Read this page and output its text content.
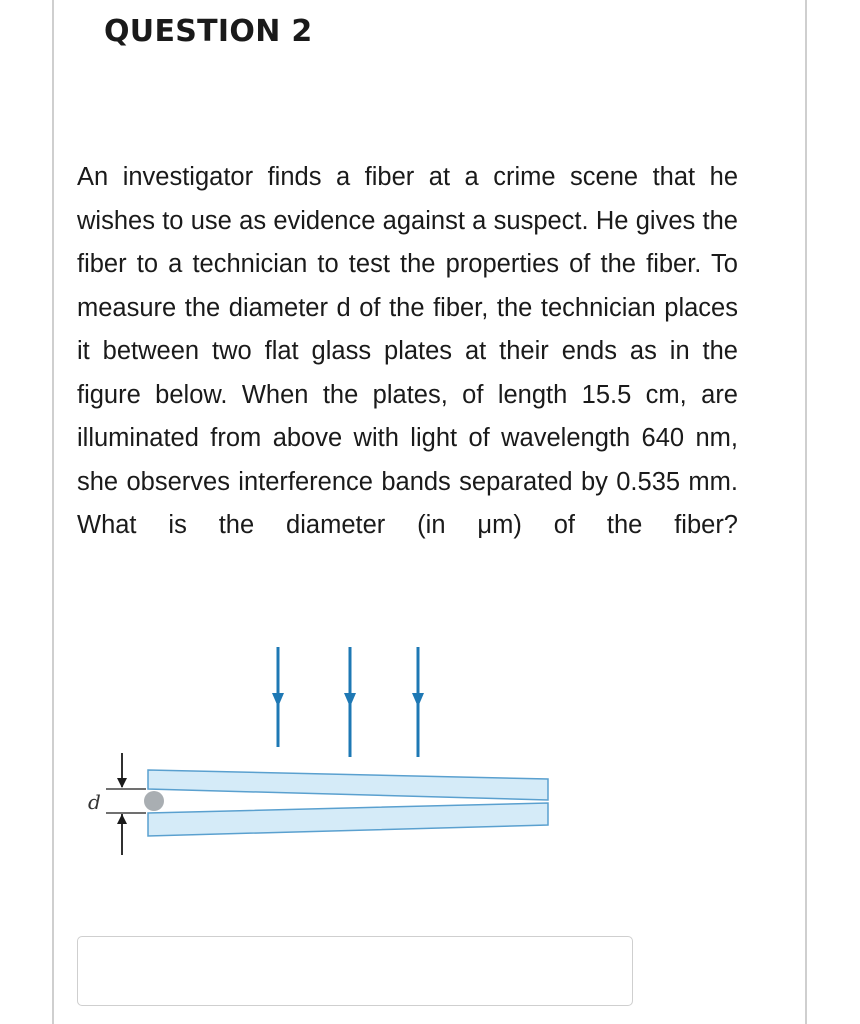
QUESTION 2

An investigator finds a fiber at a crime scene that he wishes to use as evidence against a suspect. He gives the fiber to a technician to test the properties of the fiber. To measure the diameter d of the fiber, the technician places it between two flat glass plates at their ends as in the figure below. When the plates, of length 15.5 cm, are illuminated from above with light of wavelength 640 nm, she observes interference bands separated by 0.535 mm. What is the diameter (in μm) of the fiber?

d
